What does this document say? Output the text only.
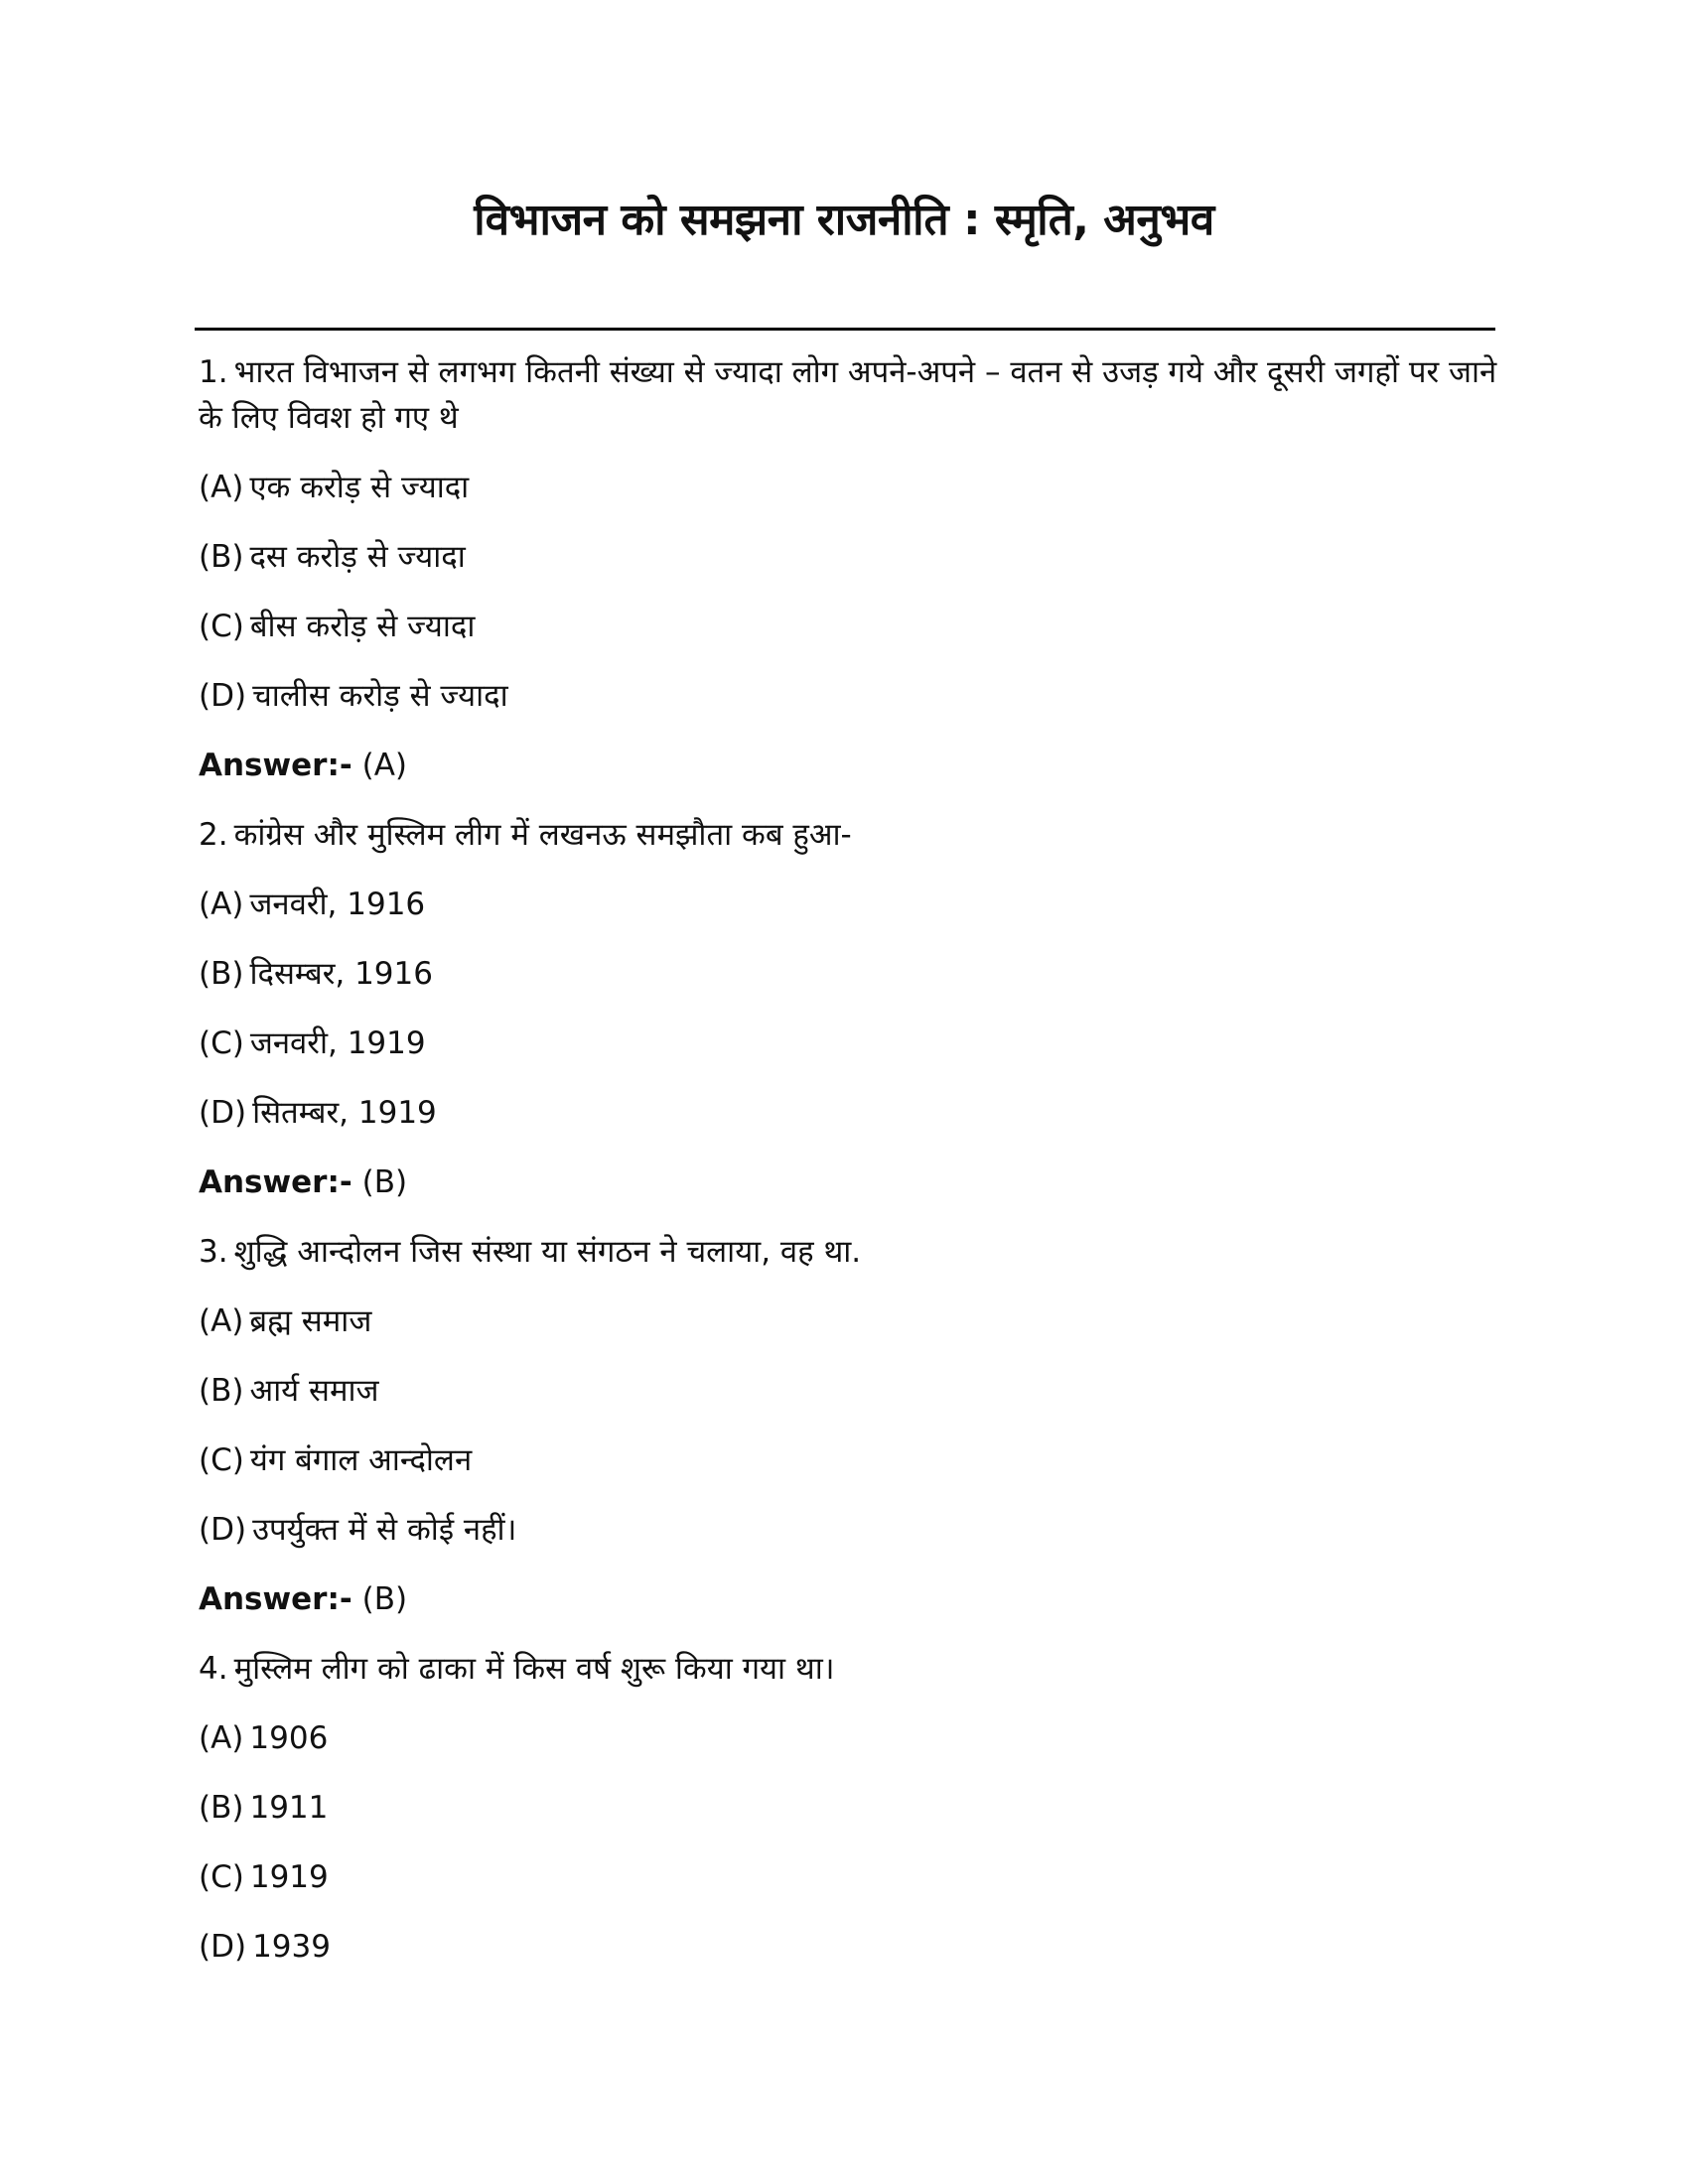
विभाजन को समझना राजनीति : स्मृति, अनुभव

1. भारत विभाजन से लगभग कितनी संख्या से ज्यादा लोग अपने-अपने – वतन से उजड़ गये और दूसरी जगहों पर जाने के लिए विवश हो गए थे

(A) एक करोड़ से ज्यादा

(B) दस करोड़ से ज्यादा

(C) बीस करोड़ से ज्यादा

(D) चालीस करोड़ से ज्यादा

Answer:- (A)

2. कांग्रेस और मुस्लिम लीग में लखनऊ समझौता कब हुआ-

(A) जनवरी, 1916

(B) दिसम्बर, 1916

(C) जनवरी, 1919

(D) सितम्बर, 1919

Answer:- (B)

3. शुद्धि आन्दोलन जिस संस्था या संगठन ने चलाया, वह था.

(A) ब्रह्म समाज

(B) आर्य समाज

(C) यंग बंगाल आन्दोलन

(D) उपर्युक्त में से कोई नहीं।

Answer:- (B)

4. मुस्लिम लीग को ढाका में किस वर्ष शुरू किया गया था।

(A) 1906

(B) 1911

(C) 1919

(D) 1939
